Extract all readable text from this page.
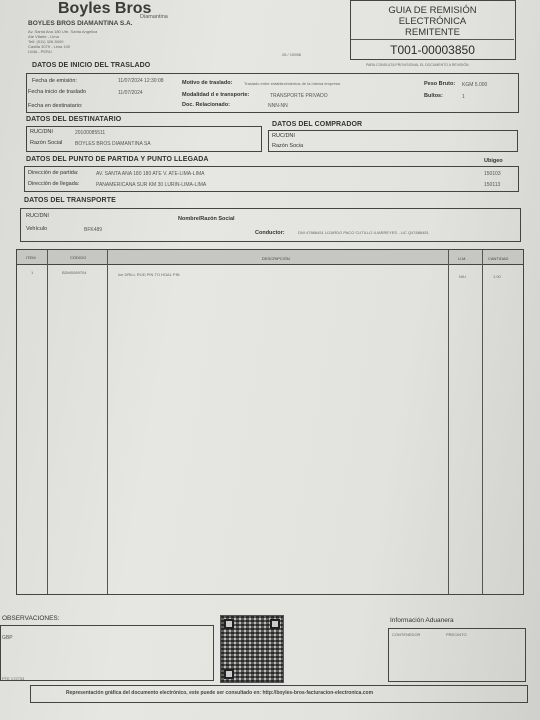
Boyles Bros
Diamantina
BOYLES BROS DIAMANTINA S.A.
Av. Santa Ana 180 Urb. Santa Angelica
Ate Vitarte - Lima
Telf: (511) 326-5000
Casilla 3079 - Lima 100
LIMA - PERU
26 / 10958
GUIA DE REMISIÓN
ELECTRÓNICA
REMITENTE
T001-00003850
PARA CONSULTA PROVISIONAL EL DOCUMENTO A REVISIÓN
DATOS DE INICIO DEL TRASLADO
Fecha de emisión:	11/07/2024 12:30:08
Fecha inicio de traslado	11/07/2024
Fecha en destinatario:
Motivo de traslado:	Traslado entre establecimientos de la misma empresa
Modalidad d e transporte:	TRANSPORTE PRIVADO
Doc. Relacionado:	NNN-NN
Peso Bruto: KGM 5.000
Bultos:	1
DATOS DEL DESTINATARIO
RUC/DNI	20100085511
Razón Social	BOYLES BROS DIAMANTINA SA
DATOS DEL COMPRADOR
RUC/DNI
Razón Socia
DATOS DEL PUNTO DE PARTIDA Y PUNTO LLEGADA	Ubigeo
Dirección de partida:	AV. SANTA ANA 180 180 ATE V. ATE-LIMA-LIMA	150103
Dirección de llegada:	PANAMERICANA SUR KM 30 LURIN-LIMA-LIMA	150113
DATOS DEL TRANSPORTE
RUC/DNI	Nombre/Razón Social
Vehículo	BFK489	Conductor:	DNI 47886451 LIZARDO PACO CUTILLO ILIARREYES - LIC Q47886451
ITEM	CÓDIGO	DESCRIPCIÓN	U.M.	CANTIDAD
1	BDM0089704	Ice DRILL ROD PIN TO HOAL PIN	NIU	1.00
OBSERVACIONES:
GBP
PTE 172733
Información Aduanera
CONTENEDOR	PRECINTO
Representación gráfica del documento electrónico, este puede ser consultado en: http://boyles-bros-facturacion-electronica.com
